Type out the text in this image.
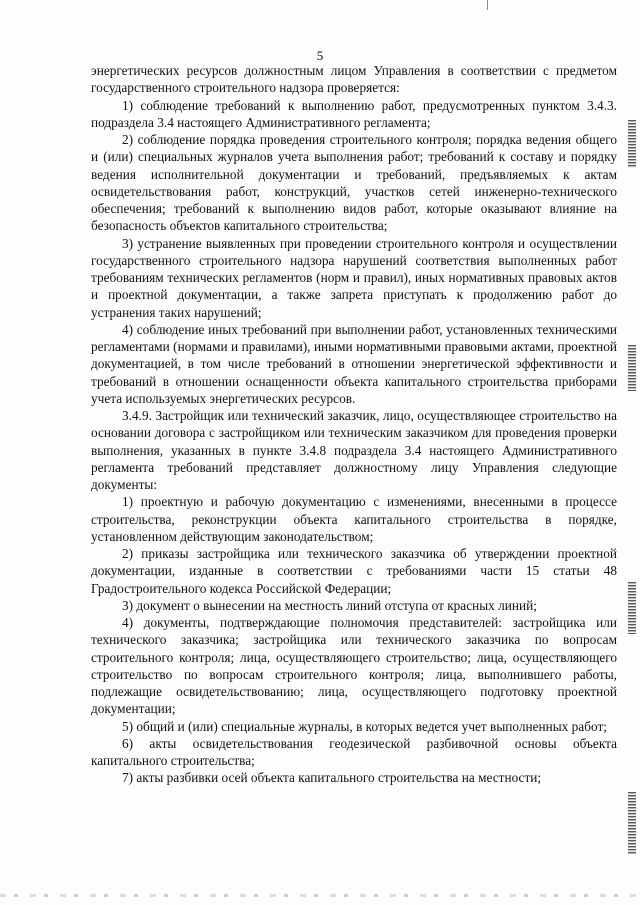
5

энергетических ресурсов должностным лицом Управления в соответствии с предметом государственного строительного надзора проверяется:

1) соблюдение требований к выполнению работ, предусмотренных пунктом 3.4.3. подраздела 3.4 настоящего Административного регламента;

2) соблюдение порядка проведения строительного контроля; порядка ведения общего и (или) специальных журналов учета выполнения работ; требований к составу и порядку ведения исполнительной документации и требований, предъявляемых к актам освидетельствования работ, конструкций, участков сетей инженерно-технического обеспечения; требований к выполнению видов работ, которые оказывают влияние на безопасность объектов капитального строительства;

3) устранение выявленных при проведении строительного контроля и осуществлении государственного строительного надзора нарушений соответствия выполненных работ требованиям технических регламентов (норм и правил), иных нормативных правовых актов и проектной документации, а также запрета приступать к продолжению работ до устранения таких нарушений;

4) соблюдение иных требований при выполнении работ, установленных техническими регламентами (нормами и правилами), иными нормативными правовыми актами, проектной документацией, в том числе требований в отношении энергетической эффективности и требований в отношении оснащенности объекта капитального строительства приборами учета используемых энергетических ресурсов.

3.4.9. Застройщик или технический заказчик, лицо, осуществляющее строительство на основании договора с застройщиком или техническим заказчиком для проведения проверки выполнения, указанных в пункте 3.4.8 подраздела 3.4 настоящего Административного регламента требований представляет должностному лицу Управления следующие документы:

1) проектную и рабочую документацию с изменениями, внесенными в процессе строительства, реконструкции объекта капитального строительства в порядке, установленном действующим законодательством;

2) приказы застройщика или технического заказчика об утверждении проектной документации, изданные в соответствии с требованиями части 15 статьи 48 Градостроительного кодекса Российской Федерации;

3) документ о вынесении на местность линий отступа от красных линий;

4) документы, подтверждающие полномочия представителей: застройщика или технического заказчика; застройщика или технического заказчика по вопросам строительного контроля; лица, осуществляющего строительство; лица, осуществляющего строительство по вопросам строительного контроля; лица, выполнившего работы, подлежащие освидетельствованию; лица, осуществляющего подготовку проектной документации;

5) общий и (или) специальные журналы, в которых ведется учет выполненных работ;

6) акты освидетельствования геодезической разбивочной основы объекта капитального строительства;

7) акты разбивки осей объекта капитального строительства на местности;
